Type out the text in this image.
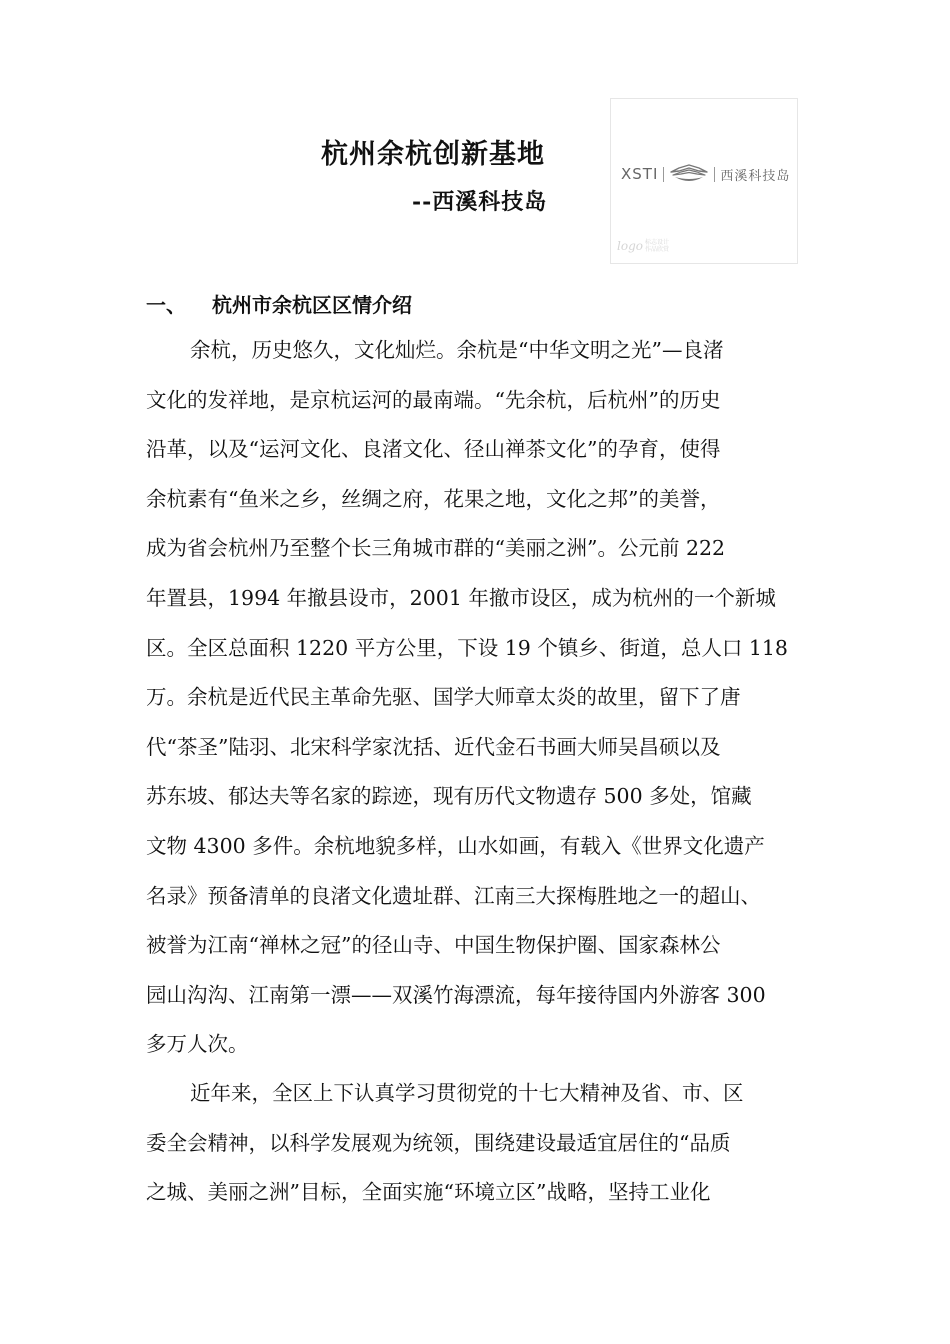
杭州余杭创新基地
--西溪科技岛
XSTI	西溪科技岛
logo 标志设计
作品欣赏
一、	杭州市余杭区区情介绍

余杭，历史悠久，文化灿烂。余杭是“中华文明之光”—良渚
文化的发祥地，是京杭运河的最南端。“先余杭，后杭州”的历史
沿革，以及“运河文化、良渚文化、径山禅茶文化”的孕育，使得
余杭素有“鱼米之乡，丝绸之府，花果之地，文化之邦”的美誉，
成为省会杭州乃至整个长三角城市群的“美丽之洲”。公元前 222
年置县，1994 年撤县设市，2001 年撤市设区，成为杭州的一个新城
区。全区总面积 1220 平方公里，下设 19 个镇乡、街道，总人口 118
万。余杭是近代民主革命先驱、国学大师章太炎的故里，留下了唐
代“茶圣”陆羽、北宋科学家沈括、近代金石书画大师吴昌硕以及
苏东坡、郁达夫等名家的踪迹，现有历代文物遗存 500 多处，馆藏
文物 4300 多件。余杭地貌多样，山水如画，有载入《世界文化遗产
名录》预备清单的良渚文化遗址群、江南三大探梅胜地之一的超山、
被誉为江南“禅林之冠”的径山寺、中国生物保护圈、国家森林公
园山沟沟、江南第一漂——双溪竹海漂流，每年接待国内外游客 300
多万人次。

近年来，全区上下认真学习贯彻党的十七大精神及省、市、区
委全会精神，以科学发展观为统领，围绕建设最适宜居住的“品质
之城、美丽之洲”目标，全面实施“环境立区”战略，坚持工业化
